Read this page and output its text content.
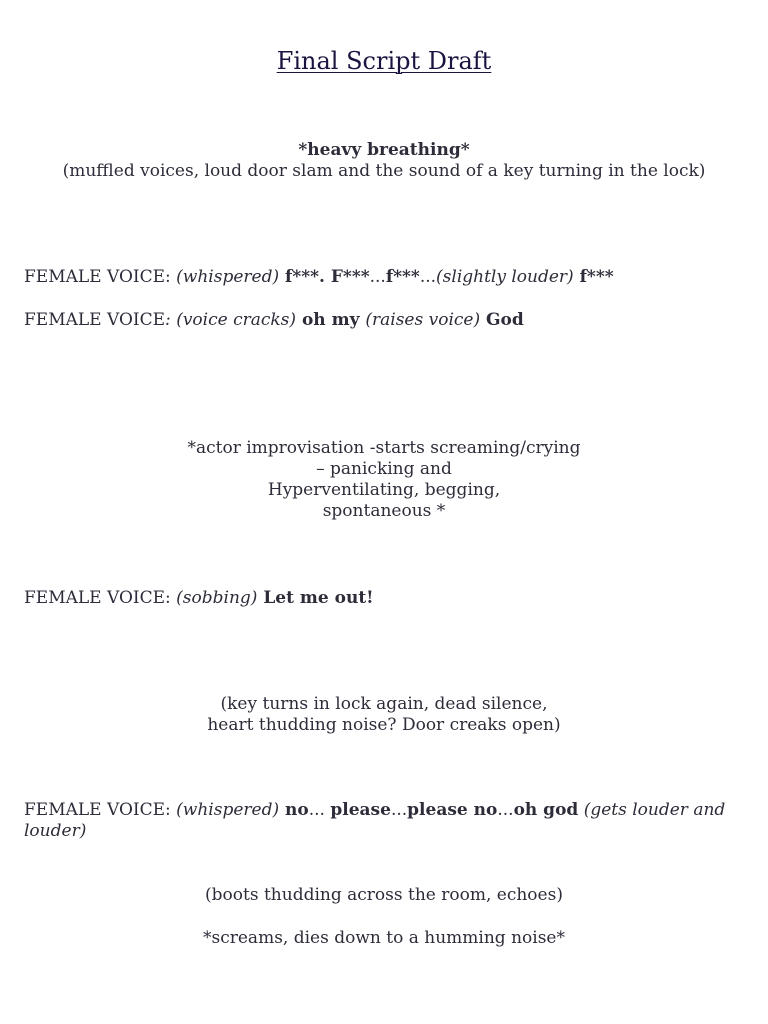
Final Script Draft
*heavy breathing*
(muffled voices, loud door slam and the sound of a key turning in the lock)
FEMALE VOICE: (whispered) f***. F***...f***...(slightly louder) f***
FEMALE VOICE: (voice cracks) oh my (raises voice) God
*actor improvisation -starts screaming/crying
– panicking and
Hyperventilating, begging,
spontaneous *
FEMALE VOICE: (sobbing) Let me out!
(key turns in lock again, dead silence,
heart thudding noise? Door creaks open)
FEMALE VOICE: (whispered) no... please...please no...oh god (gets louder and
louder)
(boots thudding across the room, echoes)
*screams, dies down to a humming noise*
